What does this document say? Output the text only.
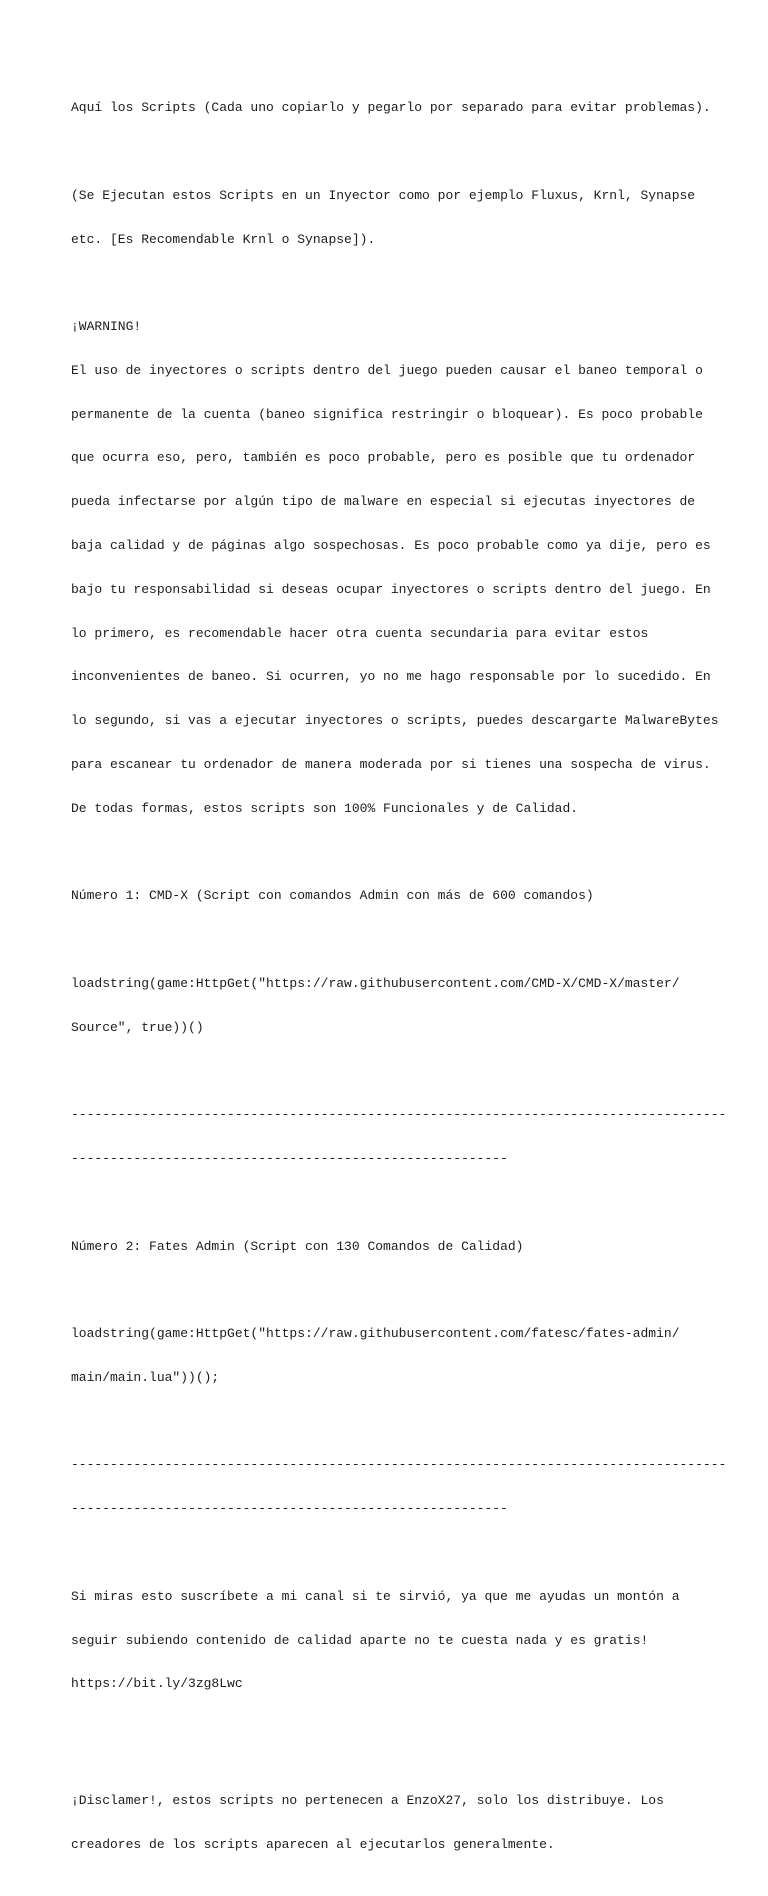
Aquí los Scripts (Cada uno copiarlo y pegarlo por separado para evitar problemas).

(Se Ejecutan estos Scripts en un Inyector como por ejemplo Fluxus, Krnl, Synapse

etc. [Es Recomendable Krnl o Synapse]).

¡WARNING!

El uso de inyectores o scripts dentro del juego pueden causar el baneo temporal o

permanente de la cuenta (baneo significa restringir o bloquear). Es poco probable

que ocurra eso, pero, también es poco probable, pero es posible que tu ordenador

pueda infectarse por algún tipo de malware en especial si ejecutas inyectores de

baja calidad y de páginas algo sospechosas. Es poco probable como ya dije, pero es

bajo tu responsabilidad si deseas ocupar inyectores o scripts dentro del juego. En

lo primero, es recomendable hacer otra cuenta secundaria para evitar estos

inconvenientes de baneo. Si ocurren, yo no me hago responsable por lo sucedido. En

lo segundo, si vas a ejecutar inyectores o scripts, puedes descargarte MalwareBytes

para escanear tu ordenador de manera moderada por si tienes una sospecha de virus.

De todas formas, estos scripts son 100% Funcionales y de Calidad.

Número 1: CMD-X (Script con comandos Admin con más de 600 comandos)

loadstring(game:HttpGet("https://raw.githubusercontent.com/CMD-X/CMD-X/master/

Source", true))()

------------------------------------------------------------------------------------

--------------------------------------------------------

Número 2: Fates Admin (Script con 130 Comandos de Calidad)

loadstring(game:HttpGet("https://raw.githubusercontent.com/fatesc/fates-admin/

main/main.lua"))();

------------------------------------------------------------------------------------

--------------------------------------------------------

Si miras esto suscríbete a mi canal si te sirvió, ya que me ayudas un montón a

seguir subiendo contenido de calidad aparte no te cuesta nada y es gratis!

https://bit.ly/3zg8Lwc

¡Disclamer!, estos scripts no pertenecen a EnzoX27, solo los distribuye. Los

creadores de los scripts aparecen al ejecutarlos generalmente.
